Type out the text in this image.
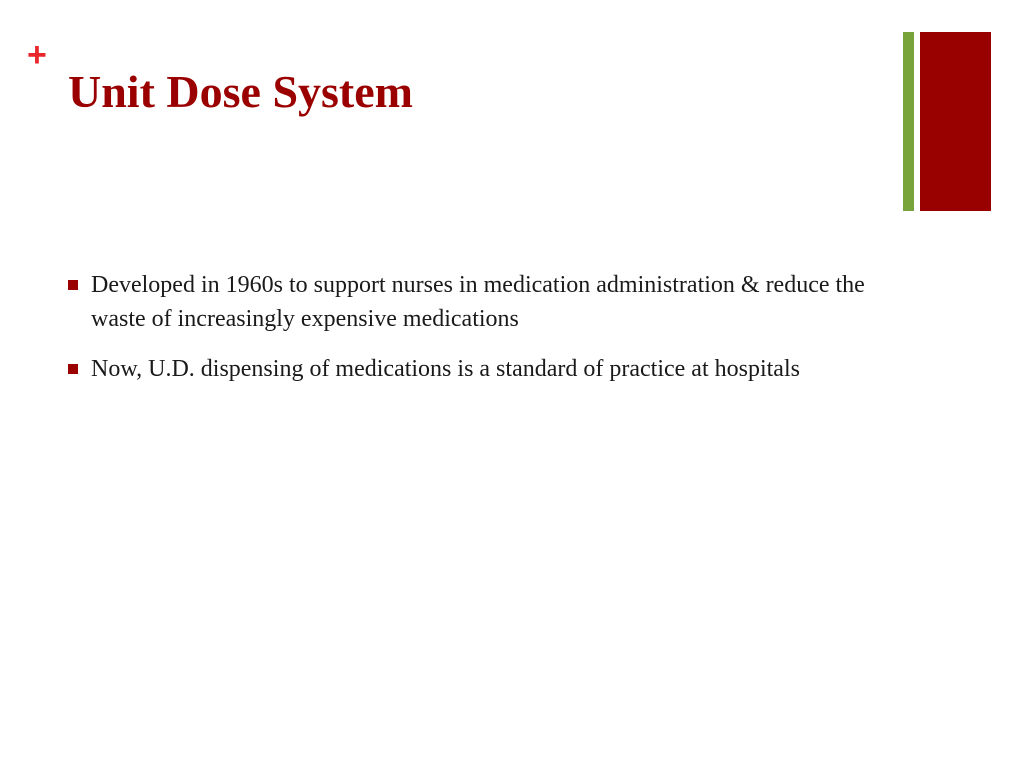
+
Unit Dose System
Developed in 1960s to support nurses in medication administration & reduce the waste of increasingly expensive medications
Now, U.D. dispensing of medications is a standard of practice at hospitals
